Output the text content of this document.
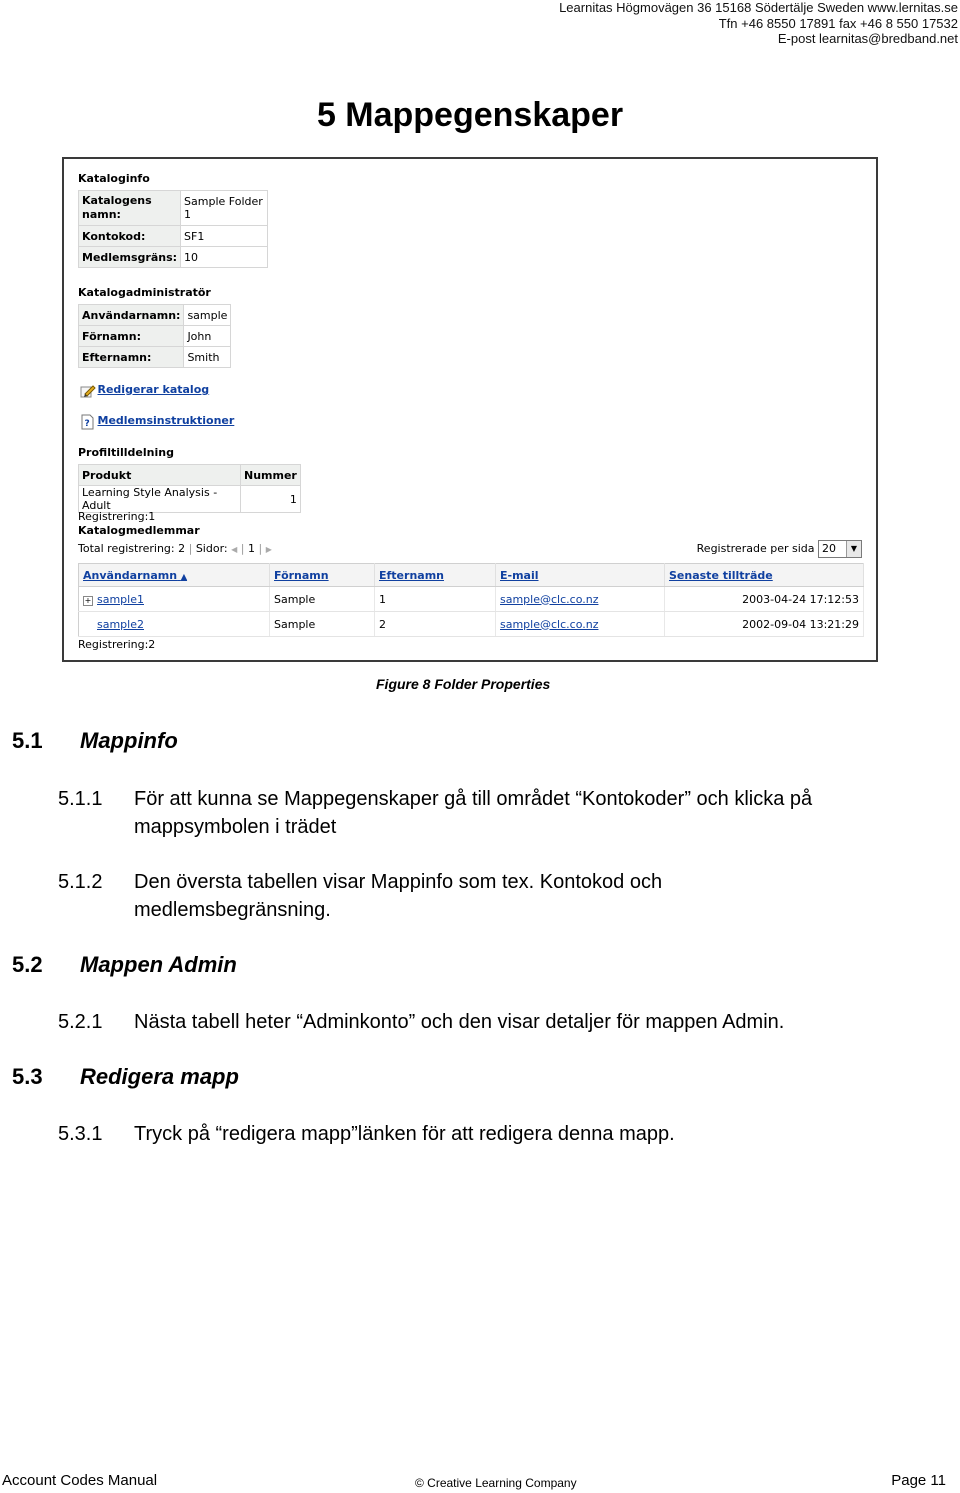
Learnitas Högmovägen 36 15168 Södertälje Sweden www.lernitas.se
Tfn +46 8550 17891 fax +46 8 550 17532
E-post learnitas@bredband.net
5 Mappegenskaper
Kataloginfo
Katalogens namn:	Sample Folder 1
Kontokod:	SF1
Medlemsgräns:	10
Katalogadministratör
Användarnamn:	sample
Förnamn:	John
Efternamn:	Smith
Redigerar katalog
? Medlemsinstruktioner
Profiltilldelning
Produkt	Nummer
Learning Style Analysis - Adult	1
Registrering:1
Katalogmedlemmar
Total registrering: 2 | Sidor: ◀ | 1 | ▶	Registrerade per sida 20	▼
Användarnamn ▲	Förnamn	Efternamn	E-mail	Senaste tillträde
+ sample1	Sample	1	sample@clc.co.nz	2003-04-24 17:12:53
sample2	Sample	2	sample@clc.co.nz	2002-09-04 13:21:29
Registrering:2
Figure 8 Folder Properties
5.1 Mappinfo
5.1.1 För att kunna se Mappegenskaper gå till området “Kontokoder” och klicka på mappsymbolen i trädet
5.1.2 Den översta tabellen visar Mappinfo som tex. Kontokod och medlemsbegränsning.
5.2 Mappen Admin
5.2.1 Nästa tabell heter “Adminkonto” och den visar detaljer för mappen Admin.
5.3 Redigera mapp
5.3.1 Tryck på “redigera mapp”länken för att redigera denna mapp.
Account Codes Manual	© Creative Learning Company	Page 11
